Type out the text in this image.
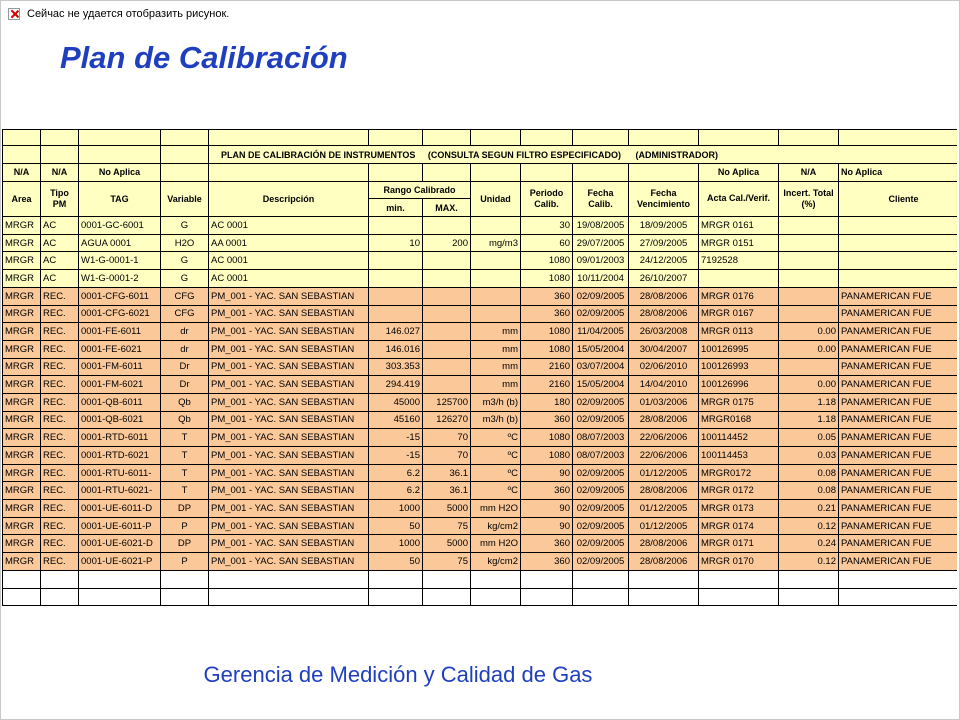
Сейчас не удается отобразить рисунок.
Plan de Calibración

				PLAN DE CALIBRACIÓN DE INSTRUMENTOS (CONSULTA SEGUN FILTRO ESPECIFICADO) (ADMINISTRADOR)									
N/A	N/A	No Aplica									No Aplica	N/A	No Aplica
Area	Tipo PM	TAG	Variable	Descripción	Rango Calibrado		Unidad	Periodo Calib.	Fecha Calib.	Fecha Vencimiento	Acta Cal./Verif.	Incert. Total (%)	Cliente
					min.	MAX.							
MRGR	AC	0001-GC-6001	G	AC 0001				30	19/08/2005	18/09/2005	MRGR 0161		
MRGR	AC	AGUA 0001	H2O	AA 0001	10	200	mg/m3	60	29/07/2005	27/09/2005	MRGR 0151		
MRGR	AC	W1-G-0001-1	G	AC 0001				1080	09/01/2003	24/12/2005	7192528		
MRGR	AC	W1-G-0001-2	G	AC 0001				1080	10/11/2004	26/10/2007			
MRGR	REC.	0001-CFG-6011	CFG	PM_001 - YAC. SAN SEBASTIAN				360	02/09/2005	28/08/2006	MRGR 0176		PANAMERICAN FUE
MRGR	REC.	0001-CFG-6021	CFG	PM_001 - YAC. SAN SEBASTIAN				360	02/09/2005	28/08/2006	MRGR 0167		PANAMERICAN FUE
MRGR	REC.	0001-FE-6011	dr	PM_001 - YAC. SAN SEBASTIAN	146.027		mm	1080	11/04/2005	26/03/2008	MRGR 0113	0.00	PANAMERICAN FUE
MRGR	REC.	0001-FE-6021	dr	PM_001 - YAC. SAN SEBASTIAN	146.016		mm	1080	15/05/2004	30/04/2007	100126995	0.00	PANAMERICAN FUE
MRGR	REC.	0001-FM-6011	Dr	PM_001 - YAC. SAN SEBASTIAN	303.353		mm	2160	03/07/2004	02/06/2010	100126993		PANAMERICAN FUE
MRGR	REC.	0001-FM-6021	Dr	PM_001 - YAC. SAN SEBASTIAN	294.419		mm	2160	15/05/2004	14/04/2010	100126996	0.00	PANAMERICAN FUE
MRGR	REC.	0001-QB-6011	Qb	PM_001 - YAC. SAN SEBASTIAN	45000	125700	m3/h (b)	180	02/09/2005	01/03/2006	MRGR 0175	1.18	PANAMERICAN FUE
MRGR	REC.	0001-QB-6021	Qb	PM_001 - YAC. SAN SEBASTIAN	45160	126270	m3/h (b)	360	02/09/2005	28/08/2006	MRGR0168	1.18	PANAMERICAN FUE
MRGR	REC.	0001-RTD-6011	T	PM_001 - YAC. SAN SEBASTIAN	-15	70	ºC	1080	08/07/2003	22/06/2006	100114452	0.05	PANAMERICAN FUE
MRGR	REC.	0001-RTD-6021	T	PM_001 - YAC. SAN SEBASTIAN	-15	70	ºC	1080	08/07/2003	22/06/2006	100114453	0.03	PANAMERICAN FUE
MRGR	REC.	0001-RTU-6011-	T	PM_001 - YAC. SAN SEBASTIAN	6.2	36.1	ºC	90	02/09/2005	01/12/2005	MRGR0172	0.08	PANAMERICAN FUE
MRGR	REC.	0001-RTU-6021-	T	PM_001 - YAC. SAN SEBASTIAN	6.2	36.1	ºC	360	02/09/2005	28/08/2006	MRGR 0172	0.08	PANAMERICAN FUE
MRGR	REC.	0001-UE-6011-D	DP	PM_001 - YAC. SAN SEBASTIAN	1000	5000	mm H2O	90	02/09/2005	01/12/2005	MRGR 0173	0.21	PANAMERICAN FUE
MRGR	REC.	0001-UE-6011-P	P	PM_001 - YAC. SAN SEBASTIAN	50	75	kg/cm2	90	02/09/2005	01/12/2005	MRGR 0174	0.12	PANAMERICAN FUE
MRGR	REC.	0001-UE-6021-D	DP	PM_001 - YAC. SAN SEBASTIAN	1000	5000	mm H2O	360	02/09/2005	28/08/2006	MRGR 0171	0.24	PANAMERICAN FUE
MRGR	REC.	0001-UE-6021-P	P	PM_001 - YAC. SAN SEBASTIAN	50	75	kg/cm2	360	02/09/2005	28/08/2006	MRGR 0170	0.12	PANAMERICAN FUE

Gerencia de Medición y Calidad de Gas
